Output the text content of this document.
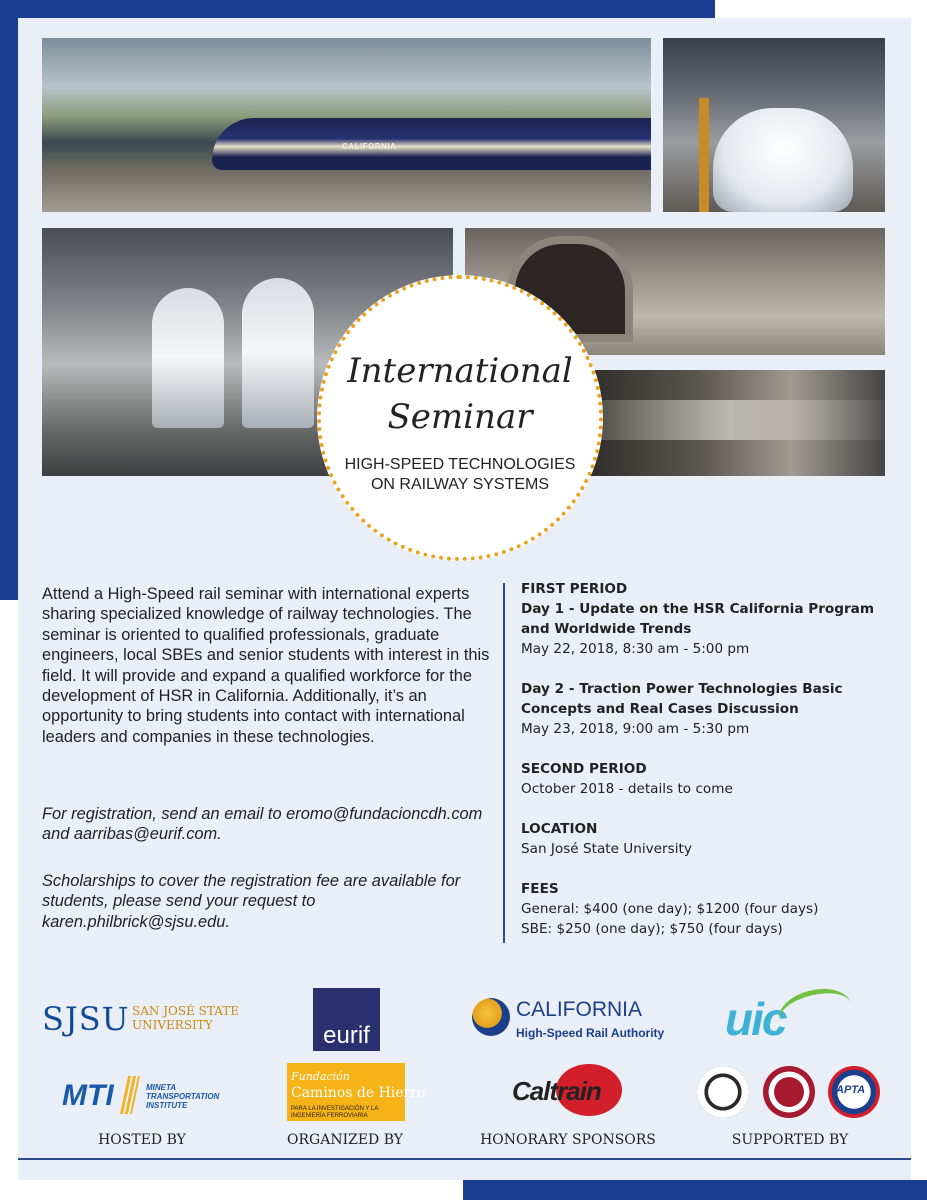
CALIFORNIA
International
Seminar
HIGH-SPEED TECHNOLOGIES
ON RAILWAY SYSTEMS
Attend a High-Speed rail seminar with international experts sharing specialized knowledge of railway technologies. The seminar is oriented to qualified professionals, graduate engineers, local SBEs and senior students with interest in this field. It will provide and expand a qualified workforce for the development of HSR in California. Additionally, it’s an opportunity to bring students into contact with international leaders and companies in these technologies.
For registration, send an email to eromo@fundacioncdh.com and aarribas@eurif.com.
Scholarships to cover the registration fee are available for students, please send your request to karen.philbrick@sjsu.edu.
FIRST PERIOD
Day 1 - Update on the HSR California Program and Worldwide Trends
May 22, 2018, 8:30 am - 5:00 pm
Day 2 - Traction Power Technologies Basic Concepts and Real Cases Discussion
May 23, 2018, 9:00 am - 5:30 pm
SECOND PERIOD
October 2018 - details to come
LOCATION
San José State University
FEES
General: $400 (one day); $1200 (four days)
SBE: $250 (one day); $750 (four days)
SJSU SAN JOSÉ STATE UNIVERSITY	eurif
CALIFORNIA
High-Speed Rail Authority uic
MTI	MINETA TRANSPORTATION INSTITUTE
Fundación
Caminos de Hierro
PARA LA INVESTIGACIÓN Y LA INGENIERÍA FERROVIARIA
Caltrain	APTA
HOSTED BY	ORGANIZED BY	HONORARY SPONSORS	SUPPORTED BY
